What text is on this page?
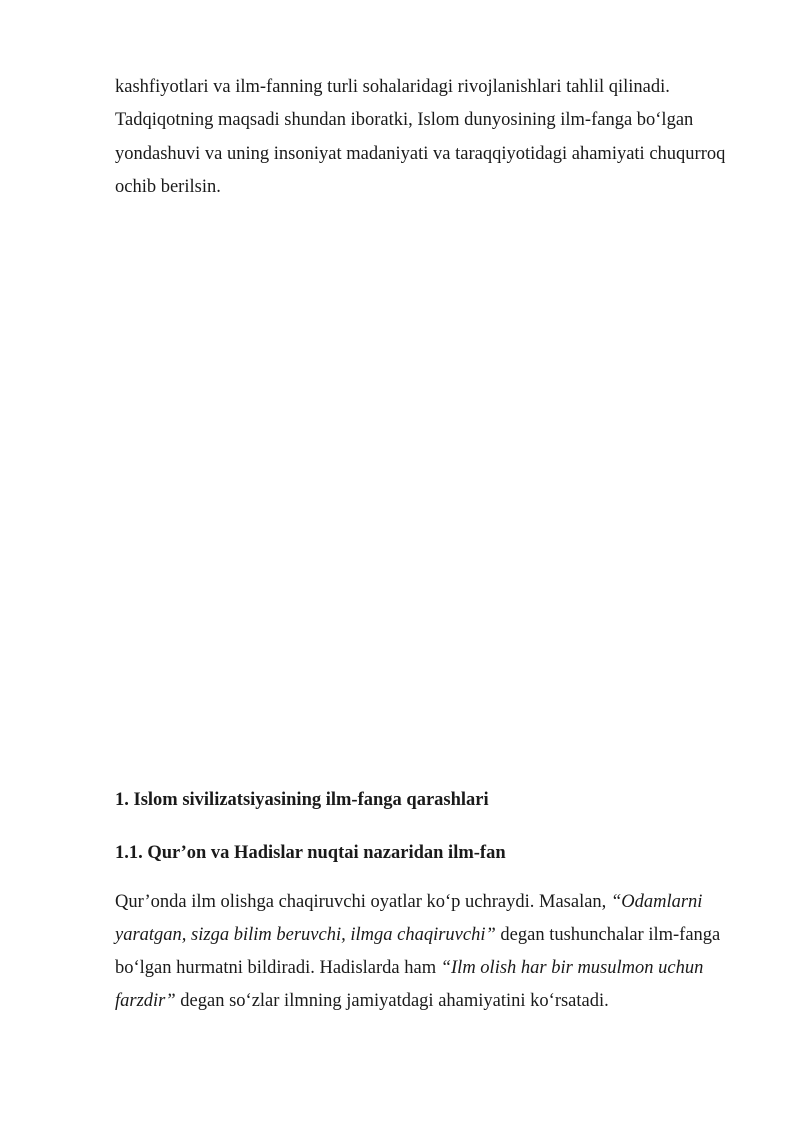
kashfiyotlari va ilm-fanning turli sohalaridagi rivojlanishlari tahlil qilinadi.
Tadqiqotning maqsadi shundan iboratki, Islom dunyosining ilm-fanga bo‘lgan
yondashuvi va uning insoniyat madaniyati va taraqqiyotidagi ahamiyati chuqurroq
ochib berilsin.
1. Islom sivilizatsiyasining ilm-fanga qarashlari
1.1. Qur’on va Hadislar nuqtai nazaridan ilm-fan
Qur’onda ilm olishga chaqiruvchi oyatlar ko‘p uchraydi. Masalan, “Odamlarni
yaratgan, sizga bilim beruvchi, ilmga chaqiruvchi” degan tushunchalar ilm-fanga
bo‘lgan hurmatni bildiradi. Hadislarda ham “Ilm olish har bir musulmon uchun
farzdir” degan so‘zlar ilmning jamiyatdagi ahamiyatini ko‘rsatadi.
